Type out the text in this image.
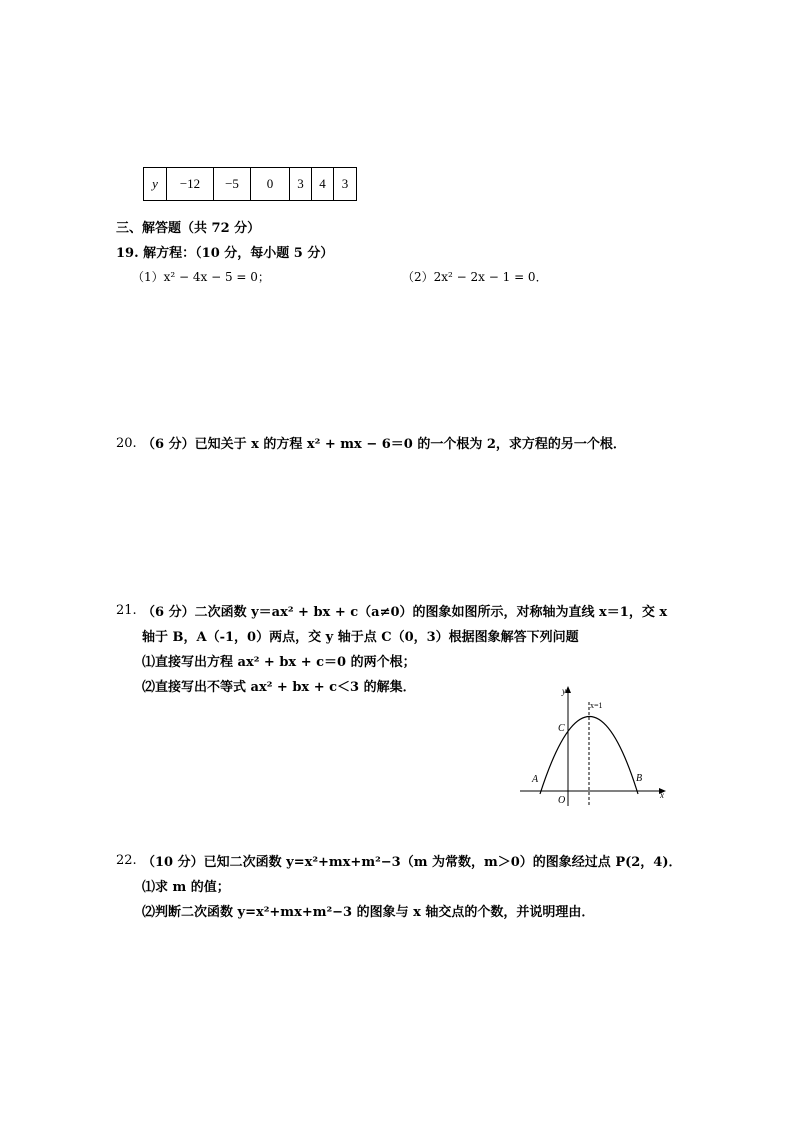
y	−12	−5	0	3	4	3
三、解答题（共 72 分）
19. 解方程：（10 分，每小题 5 分）
（1）x² − 4x − 5 = 0；	（2）2x² − 2x − 1 = 0．
20. （6 分）已知关于 x 的方程 x² + mx − 6＝0 的一个根为 2，求方程的另一个根．
21. （6 分）二次函数 y＝ax² + bx + c（a≠0）的图象如图所示，对称轴为直线 x＝1，交 x
轴于 B，A（-1，0）两点，交 y 轴于点 C（0，3）根据图象解答下列问题
⑴直接写出方程 ax² + bx + c＝0 的两个根；
⑵直接写出不等式 ax² + bx + c＜3 的解集．	y
x
x=1
C
A	B
O
22. （10 分）已知二次函数 y=x²+mx+m²−3（m 为常数，m＞0）的图象经过点 P(2，4)．
⑴求 m 的值；
⑵判断二次函数 y=x²+mx+m²−3 的图象与 x 轴交点的个数，并说明理由．
